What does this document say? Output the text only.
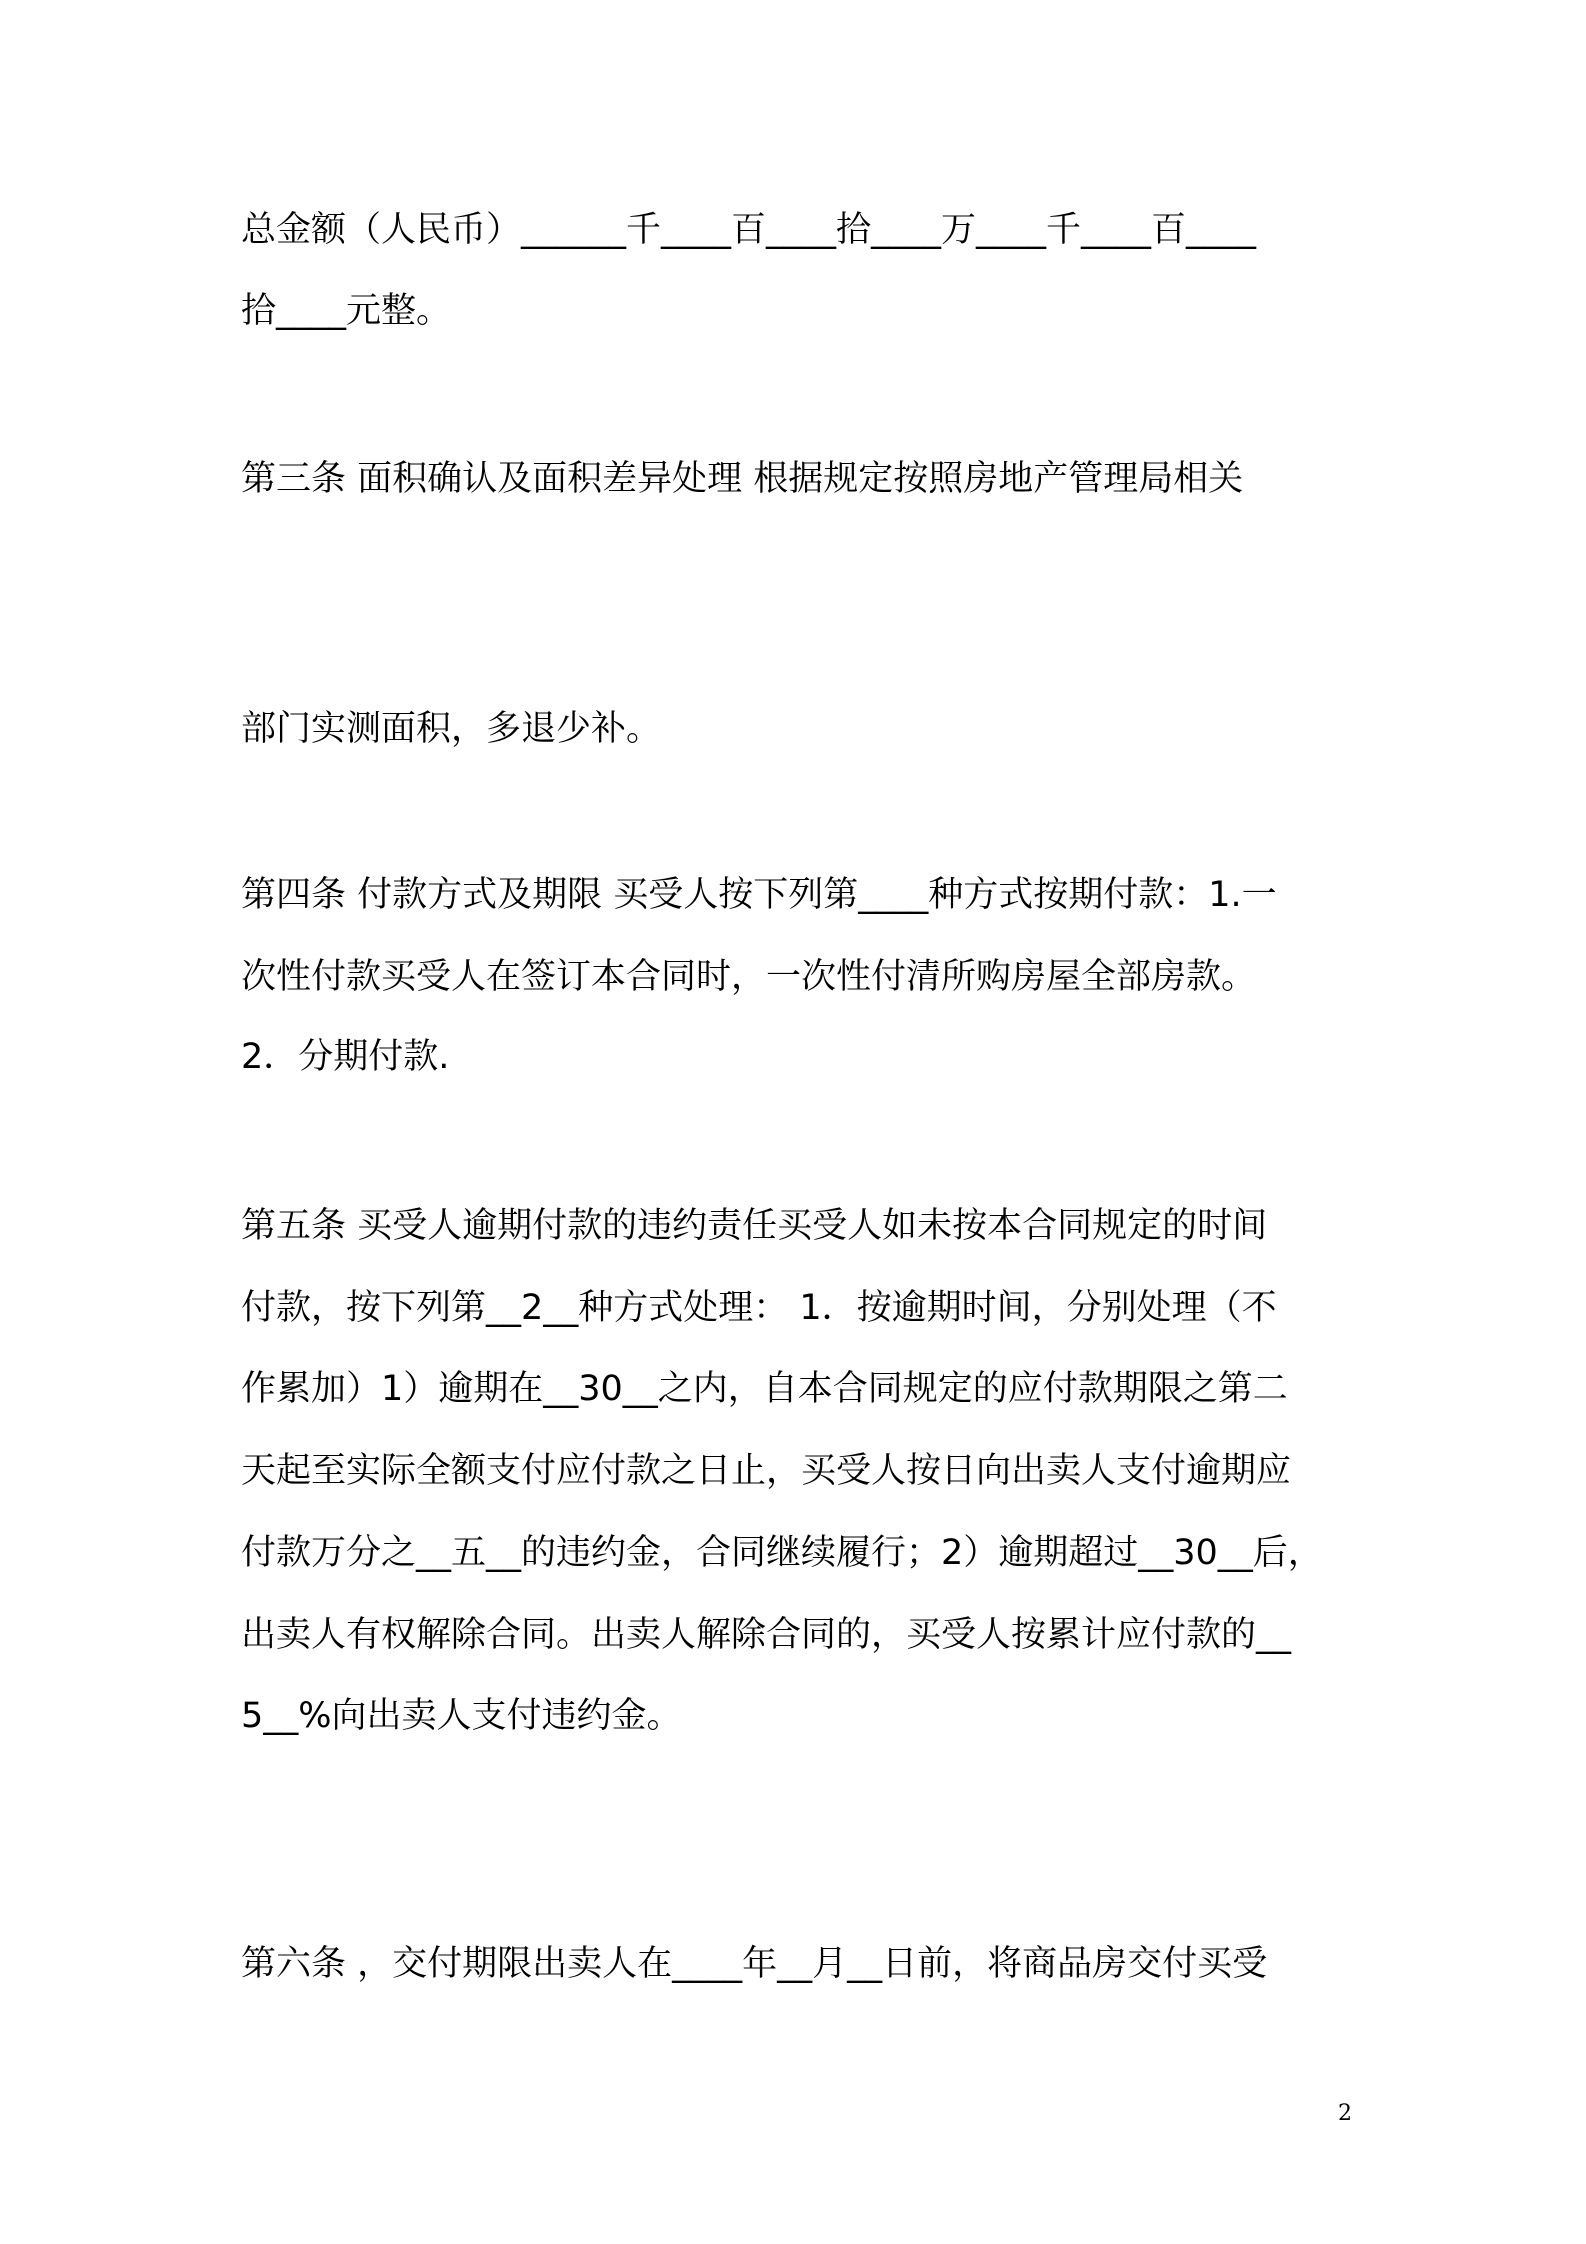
总金额（人民币）______千____百____拾____万____千____百____
拾____元整。
第三条 面积确认及面积差异处理 根据规定按照房地产管理局相关
部门实测面积，多退少补。
第四条 付款方式及期限 买受人按下列第____种方式按期付款：1.一
次性付款买受人在签订本合同时，一次性付清所购房屋全部房款。
2．分期付款.
第五条 买受人逾期付款的违约责任买受人如未按本合同规定的时间
付款，按下列第__2__种方式处理： 1．按逾期时间，分别处理（不
作累加）1）逾期在__30__之内，自本合同规定的应付款期限之第二
天起至实际全额支付应付款之日止，买受人按日向出卖人支付逾期应
付款万分之__五__的违约金，合同继续履行；2）逾期超过__30__后，
出卖人有权解除合同。出卖人解除合同的，买受人按累计应付款的__
5__%向出卖人支付违约金。
第六条 ，交付期限出卖人在____年__月__日前，将商品房交付买受
2
